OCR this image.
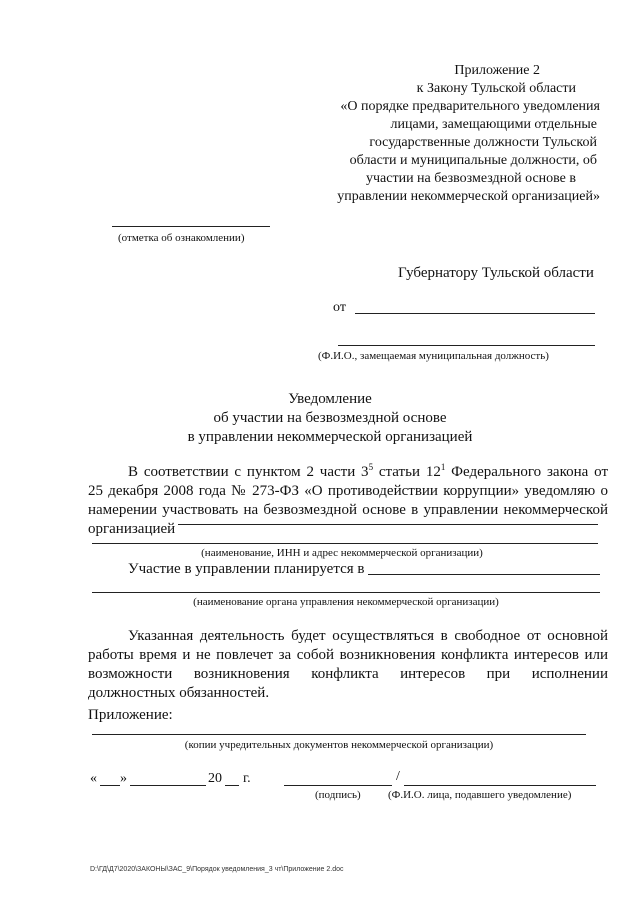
Приложение 2
к Закону Тульской области
«О порядке предварительного уведомления
лицами, замещающими отдельные
государственные должности Тульской
области и муниципальные должности, об
участии на безвозмездной основе в
управлении некоммерческой организацией»
(отметка об ознакомлении)
Губернатору Тульской области
от
(Ф.И.О., замещаемая муниципальная должность)
Уведомление
об участии на безвозмездной основе
в управлении некоммерческой организацией
В соответствии с пунктом 2 части $3^5$ статьи $12^1$ Федерального закона от
25 декабря 2008 года № 273-ФЗ «О противодействии коррупции» уведомляю о
намерении участвовать на безвозмездной основе в управлении некоммерческой
организацией
(наименование, ИНН и адрес некоммерческой организации)
Участие в управлении планируется в
(наименование органа управления некоммерческой организации)
Указанная деятельность будет осуществляться в свободное от основной
работы время и не повлечет за собой возникновения конфликта интересов или
возможности возникновения конфликта интересов при исполнении
должностных обязанностей.
Приложение:
(копии учредительных документов некоммерческой организации)
« »	20 г.	/
(подпись) (Ф.И.О. лица, подавшего уведомление)
D:\ГД\Д7\2020\ЗАКОНЫ\ЗАС_9\Порядок уведомления_3 чт\Приложение 2.doc
